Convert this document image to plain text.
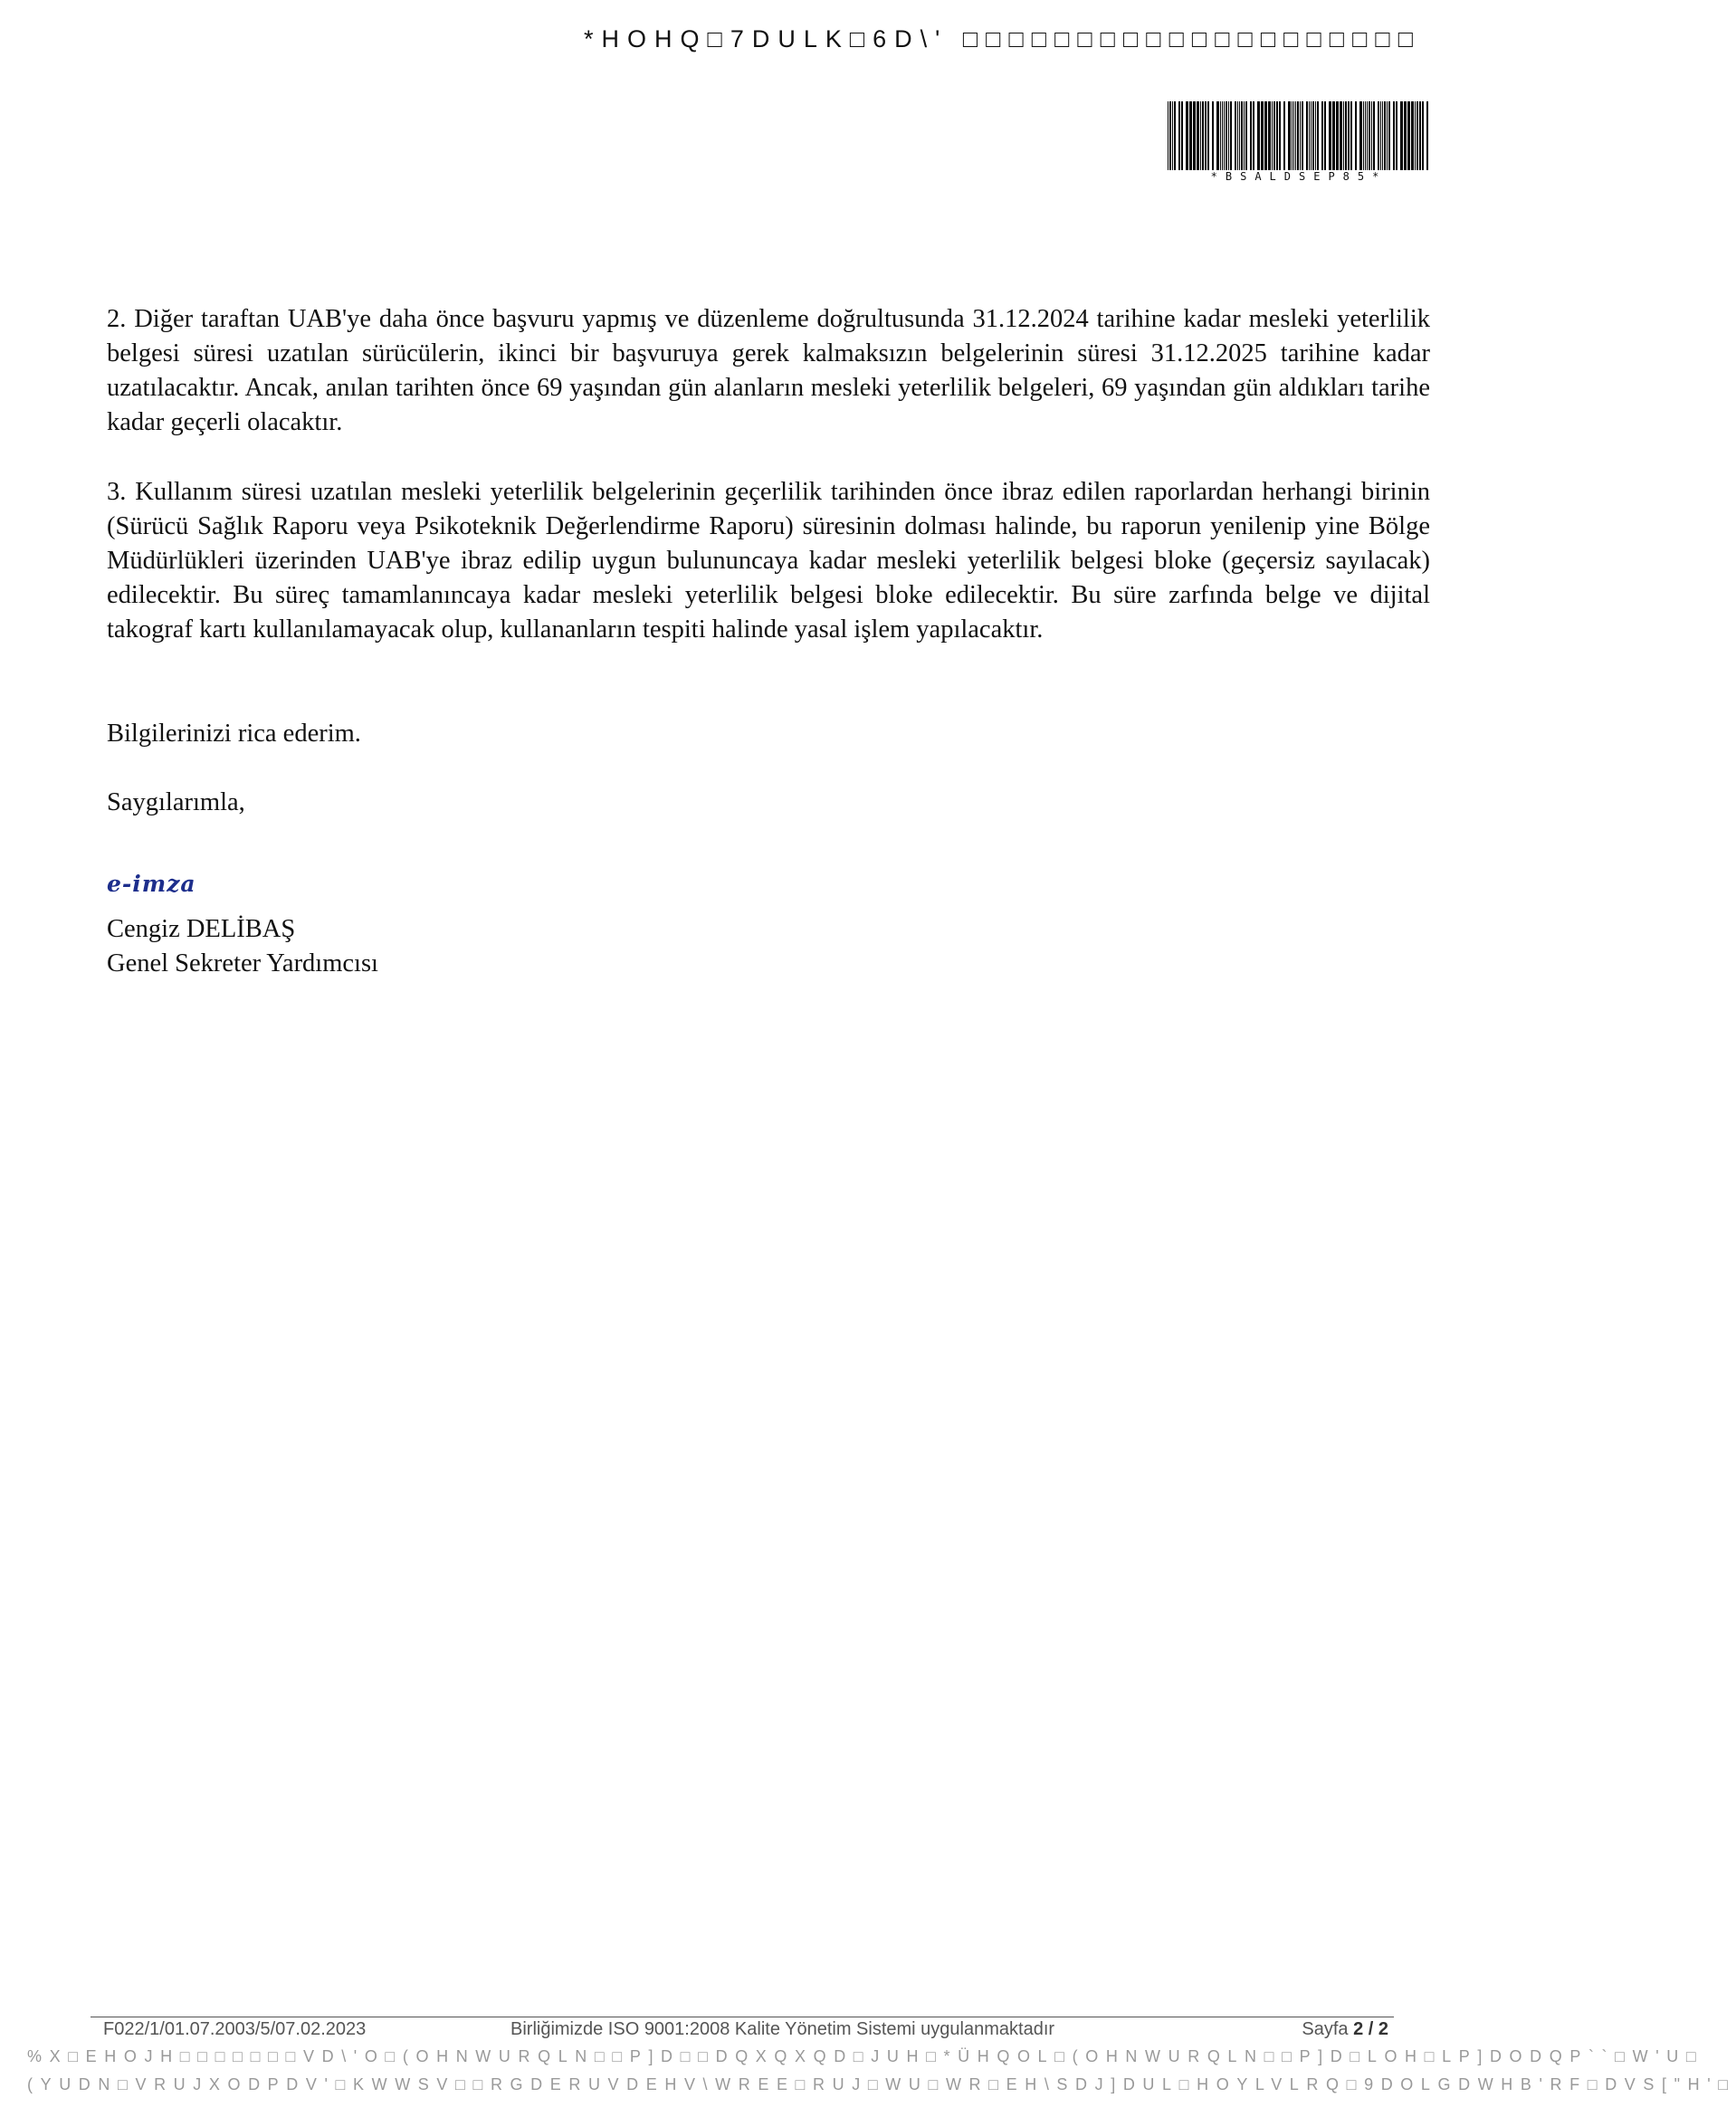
*HOHQ□7DULK□6D\' □□□□□□□□□□□□□□□□□□□□
*BSALDSEP85*

2. Diğer taraftan UAB'ye daha önce başvuru yapmış ve düzenleme doğrultusunda 31.12.2024 tarihine kadar mesleki yeterlilik belgesi süresi uzatılan sürücülerin, ikinci bir başvuruya gerek kalmaksızın belgelerinin süresi 31.12.2025 tarihine kadar uzatılacaktır. Ancak, anılan tarihten önce 69 yaşından gün alanların mesleki yeterlilik belgeleri, 69 yaşından gün aldıkları tarihe kadar geçerli olacaktır.

3. Kullanım süresi uzatılan mesleki yeterlilik belgelerinin geçerlilik tarihinden önce ibraz edilen raporlardan herhangi birinin (Sürücü Sağlık Raporu veya Psikoteknik Değerlendirme Raporu) süresinin dolması halinde, bu raporun yenilenip yine Bölge Müdürlükleri üzerinden UAB'ye ibraz edilip uygun bulununcaya kadar mesleki yeterlilik belgesi bloke (geçersiz sayılacak) edilecektir. Bu süreç tamamlanıncaya kadar mesleki yeterlilik belgesi bloke edilecektir. Bu süre zarfında belge ve dijital takograf kartı kullanılamayacak olup, kullananların tespiti halinde yasal işlem yapılacaktır.

Bilgilerinizi rica ederim.
Saygılarımla,
e-imza
Cengiz DELİBAŞ
Genel Sekreter Yardımcısı
F022/1/01.07.2003/5/07.02.2023	Birliğimizde ISO 9001:2008 Kalite Yönetim Sistemi uygulanmaktadır	Sayfa 2 / 2
%X□EHOJH□□□□□□□VD\'O□(OHNWURQLN□□P]D□□DQXQXQD□JUH□*ÜHQOL□(OHNWURQLN□□P]D□LOH□LP]DODQP``□W'U□
(YUDN□VRUJXODPDV'□KWWSV□□RGDERUVDEHV\WREE□RUJ□WU□WR□EH\SDJ]DUL□HOYLVLRQ□9DOLGDWHB'RF□DVS["H'□
